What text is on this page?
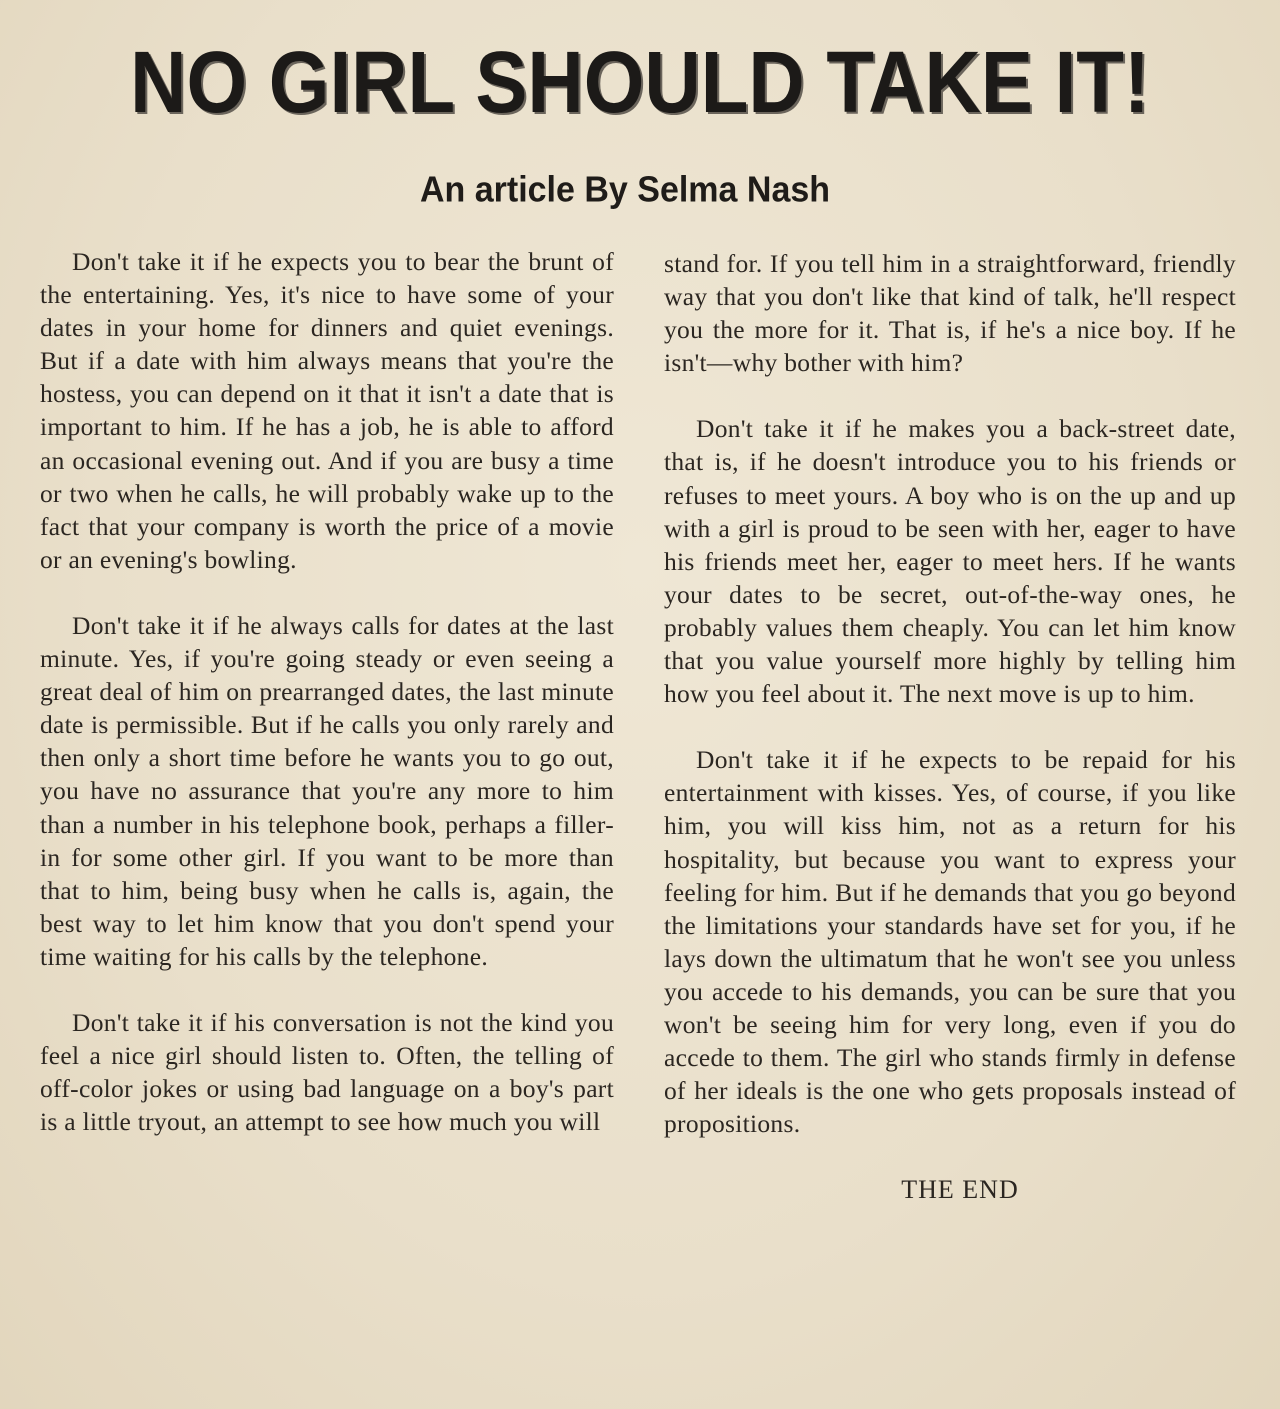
NO GIRL SHOULD TAKE IT!
An article By Selma Nash

Don't take it if he expects you to bear the brunt of the entertaining. Yes, it's nice to have some of your dates in your home for dinners and quiet evenings. But if a date with him always means that you're the hostess, you can depend on it that it isn't a date that is important to him. If he has a job, he is able to afford an occasional evening out. And if you are busy a time or two when he calls, he will probably wake up to the fact that your company is worth the price of a movie or an evening's bowling.

Don't take it if he always calls for dates at the last minute. Yes, if you're going steady or even seeing a great deal of him on prearranged dates, the last minute date is permissible. But if he calls you only rarely and then only a short time before he wants you to go out, you have no assurance that you're any more to him than a number in his telephone book, perhaps a filler-in for some other girl. If you want to be more than that to him, being busy when he calls is, again, the best way to let him know that you don't spend your time waiting for his calls by the telephone.

Don't take it if his conversation is not the kind you feel a nice girl should listen to. Often, the telling of off-color jokes or using bad language on a boy's part is a little tryout, an attempt to see how much you will

stand for. If you tell him in a straightforward, friendly way that you don't like that kind of talk, he'll respect you the more for it. That is, if he's a nice boy. If he isn't—why bother with him?

Don't take it if he makes you a back-street date, that is, if he doesn't introduce you to his friends or refuses to meet yours. A boy who is on the up and up with a girl is proud to be seen with her, eager to have his friends meet her, eager to meet hers. If he wants your dates to be secret, out-of-the-way ones, he probably values them cheaply. You can let him know that you value yourself more highly by telling him how you feel about it. The next move is up to him.

Don't take it if he expects to be repaid for his entertainment with kisses. Yes, of course, if you like him, you will kiss him, not as a return for his hospitality, but because you want to express your feeling for him. But if he demands that you go beyond the limitations your standards have set for you, if he lays down the ultimatum that he won't see you unless you accede to his demands, you can be sure that you won't be seeing him for very long, even if you do accede to them. The girl who stands firmly in defense of her ideals is the one who gets proposals instead of propositions.

THE END
